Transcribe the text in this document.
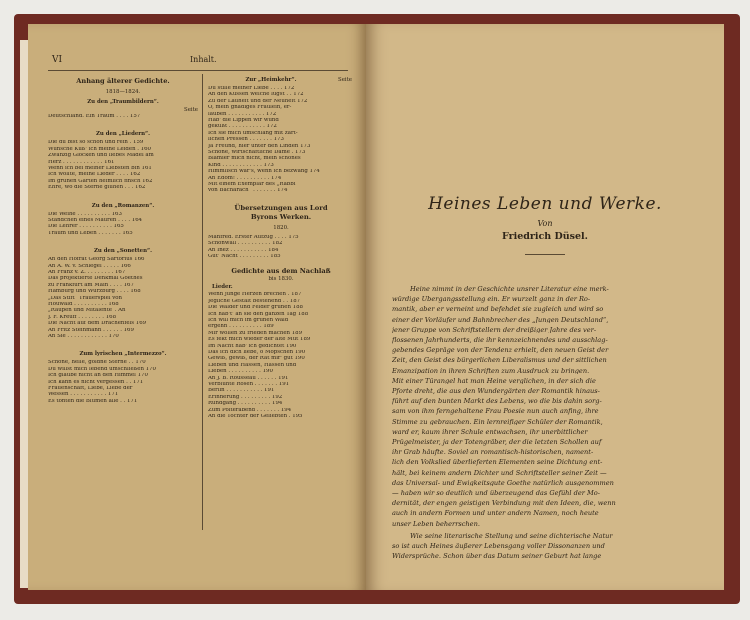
VI	Inhalt.
Anhang älterer Gedichte.
1818—1824.
Zu den „Traumbildern“.
Seite
Deutschland. Ein Traum . . . . 157
Zu den „Liedern“.
Die du bist so schön und rein . 159
Wünsche Kuß' ich meine Leiden . 160
Zwanzig Glocken und liebes Mädel am
Herz . . . . . . . . . . . . 161
Wenn ich bei meiner Liebsten bin 161
Ich wollte, meine Lieder . . . . 162
Im grünen Garten heimlich finsch 162
Ehre, wo die Sterne glühen . . . 162
Zu den „Romanzen“.
Die Weihe . . . . . . . . . . 163
Ständchen eines Mauren . . . . 164
Die Lehrer . . . . . . . . . . 165
Traum und Leben . . . . . . . 165
Zu den „Sonetten“.
An den Hofrat Georg Sartorius 166
An A. W. v. Schlegel . . . . . 166
An Franz v. Z. . . . . . . . . 167
Das projektierte Denkmal Goethes
zu Frankfurt am Main . . . . 167
Hamburg und Würzburg . . . . 168
„Das Stift“ Trauerspiel von
Houwald . . . . . . . . . . 168
„Raupen und Mitalente“. An
J. F. Kreuff . . . . . . . . 168
Die Nacht auf dem Drachenfels 169
An Fritz Steinmann . . . . . . 169
An Sie . . . . . . . . . . . . 170
Zum lyrischen „Intermezzo“.
Schöne, helle, goldne Sterne . . 170
Du willst mich lebend umschließen 170
Ich glaube nicht an den Himmel 170
Ich kann es nicht vergessen . . 171
Frauenschaft, Liebe, Liebe der
Wessen . . . . . . . . . . . 171
Es tönten die Blumen alle . . 171
Zur „Heimkehr“.	Seite
Du stille meiner Liebe . . . . 172
An den Küssen welche lügst . . 172
Zu der Lauheit und der Neuheit 172
O, mein gnädiges Fräulein, er-
lauben . . . . . . . . . . . 172
Hab' die Lippen wir wund
geküßt . . . . . . . . . . . 172
Ich sie mich umschlang mit zärt-
lichen Pressen . . . . . . . 173
Ja Freund, hier unter den Linden 173
Schöne, wirtschaftliche Dame . 173
Blamier mich nicht, mein schönes
Kind . . . . . . . . . . . . 173
Himmlisch war's, wenn ich bezwang 174
An Edom! . . . . . . . . . . 174
Mit einem Exemplar des „Rabbi
von Bacharach“ . . . . . . . 174
Übersetzungen aus Lord
Byrons Werken.
1820.
Manfred. Erster Aufzug . . . . 175
Schönwall . . . . . . . . . . 182
An Inez . . . . . . . . . . . 184
Gut' Nacht . . . . . . . . . 185
Gedichte aus dem Nachlaß
bis 1830.
Lieder.
Wenn junge Herzen brechen . 187
Jegliche Gestalt bestehend . . 187
Die Wälder und Felder grünen 188
Ich hab't' an sie den ganzen Tag 188
Ich will mich im grünen Wald
ergehn . . . . . . . . . . 189
Mir wollen zu frieden machen 189
Es fekt mich wieder der alte Mut 189
Im Nacht hab' ich gedichtet 190
Das ich dich liebe, o Möpschen 190
Gewiß, gewiß, der Rat mir' gut 190
Lieben und Hassen, Hassen und
Lieben . . . . . . . . . . 190
An J. B. Rousseau . . . . . . 191
Verblühte Rosen . . . . . . . 191
Berlin . . . . . . . . . . . 191
Erinnerung . . . . . . . . . 192
Rundgang . . . . . . . . . . 194
Zum Polterabend . . . . . . . 194
An die Tochter der Geliebten . 195
Heines Leben und Werke.
Von
Friedrich Düsel.
Heine nimmt in der Geschichte unsrer Literatur eine merk-
würdige Übergangsstellung ein. Er wurzelt ganz in der Ro-
mantik, aber er verneint und befehdet sie zugleich und wird so
einer der Vorläufer und Bahnbrecher des „Jungen Deutschland“,
jener Gruppe von Schriftstellern der dreißiger Jahre des ver-
flossenen Jahrhunderts, die ihr kennzeichnendes und ausschlag-
gebendes Gepräge von der Tendenz erhielt, den neuen Geist der
Zeit, den Geist des bürgerlichen Liberalismus und der sittlichen
Emanzipation in ihren Schriften zum Ausdruck zu bringen.
Mit einer Türangel hat man Heine verglichen, in der sich die
Pforte dreht, die aus den Wundergärten der Romantik hinaus-
führt auf den bunten Markt des Lebens, wo die bis dahin sorg-
sam von ihm ferngehaltene Frau Poesie nun auch anfing, ihre
Stimme zu gebrauchen. Ein lernreifiger Schüler der Romantik,
ward er, kaum ihrer Schule entwachsen, ihr unerbittlicher
Prügelmeister, ja der Totengräber, der die letzten Schollen auf
ihr Grab häufte. Soviel an romantisch-historischen, nament-
lich den Volkslied überlieferten Elementen seine Dichtung ent-
hält, bei keinem andern Dichter und Schriftsteller seiner Zeit —
das Universal- und Ewigkeitsgute Goethe natürlich ausgenommen
— haben wir so deutlich und überzeugend das Gefühl der Mo-
dernität, der engen geistigen Verbindung mit den Ideen, die, wenn
auch in andern Formen und unter andern Namen, noch heute
unser Leben beherrschen.
Wie seine literarische Stellung und seine dichterische Natur
so ist auch Heines äußerer Lebensgang voller Dissonanzen und
Widersprüche. Schon über das Datum seiner Geburt hat lange
